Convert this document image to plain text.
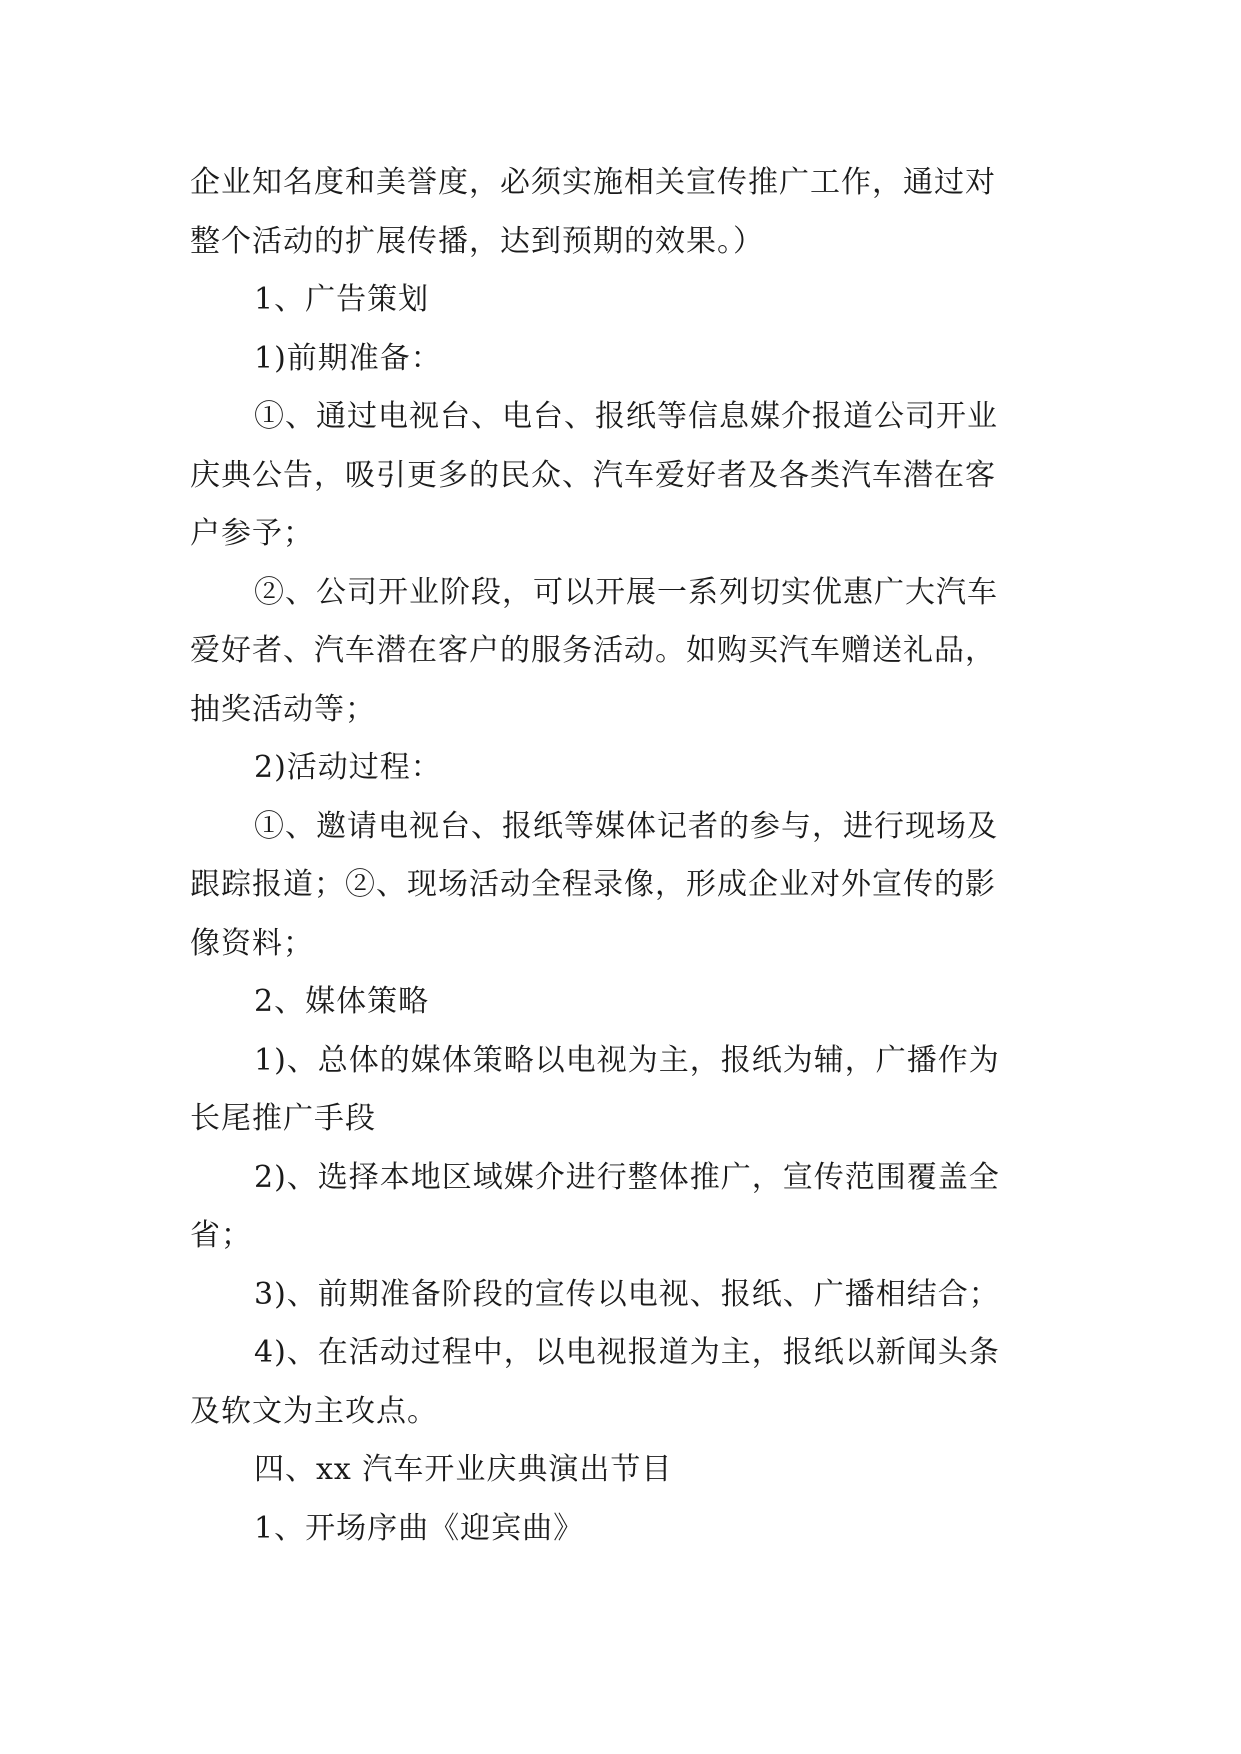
企业知名度和美誉度，必须实施相关宣传推广工作，通过对

整个活动的扩展传播，达到预期的效果。）

1、广告策划

1)前期准备：

①、通过电视台、电台、报纸等信息媒介报道公司开业

庆典公告，吸引更多的民众、汽车爱好者及各类汽车潜在客

户参予；

②、公司开业阶段，可以开展一系列切实优惠广大汽车

爱好者、汽车潜在客户的服务活动。如购买汽车赠送礼品，

抽奖活动等；

2)活动过程：

①、邀请电视台、报纸等媒体记者的参与，进行现场及

跟踪报道；②、现场活动全程录像，形成企业对外宣传的影

像资料；

2、媒体策略

1)、总体的媒体策略以电视为主，报纸为辅，广播作为

长尾推广手段

2)、选择本地区域媒介进行整体推广，宣传范围覆盖全

省；

3)、前期准备阶段的宣传以电视、报纸、广播相结合；

4)、在活动过程中，以电视报道为主，报纸以新闻头条

及软文为主攻点。

四、xx 汽车开业庆典演出节目

1、开场序曲《迎宾曲》
